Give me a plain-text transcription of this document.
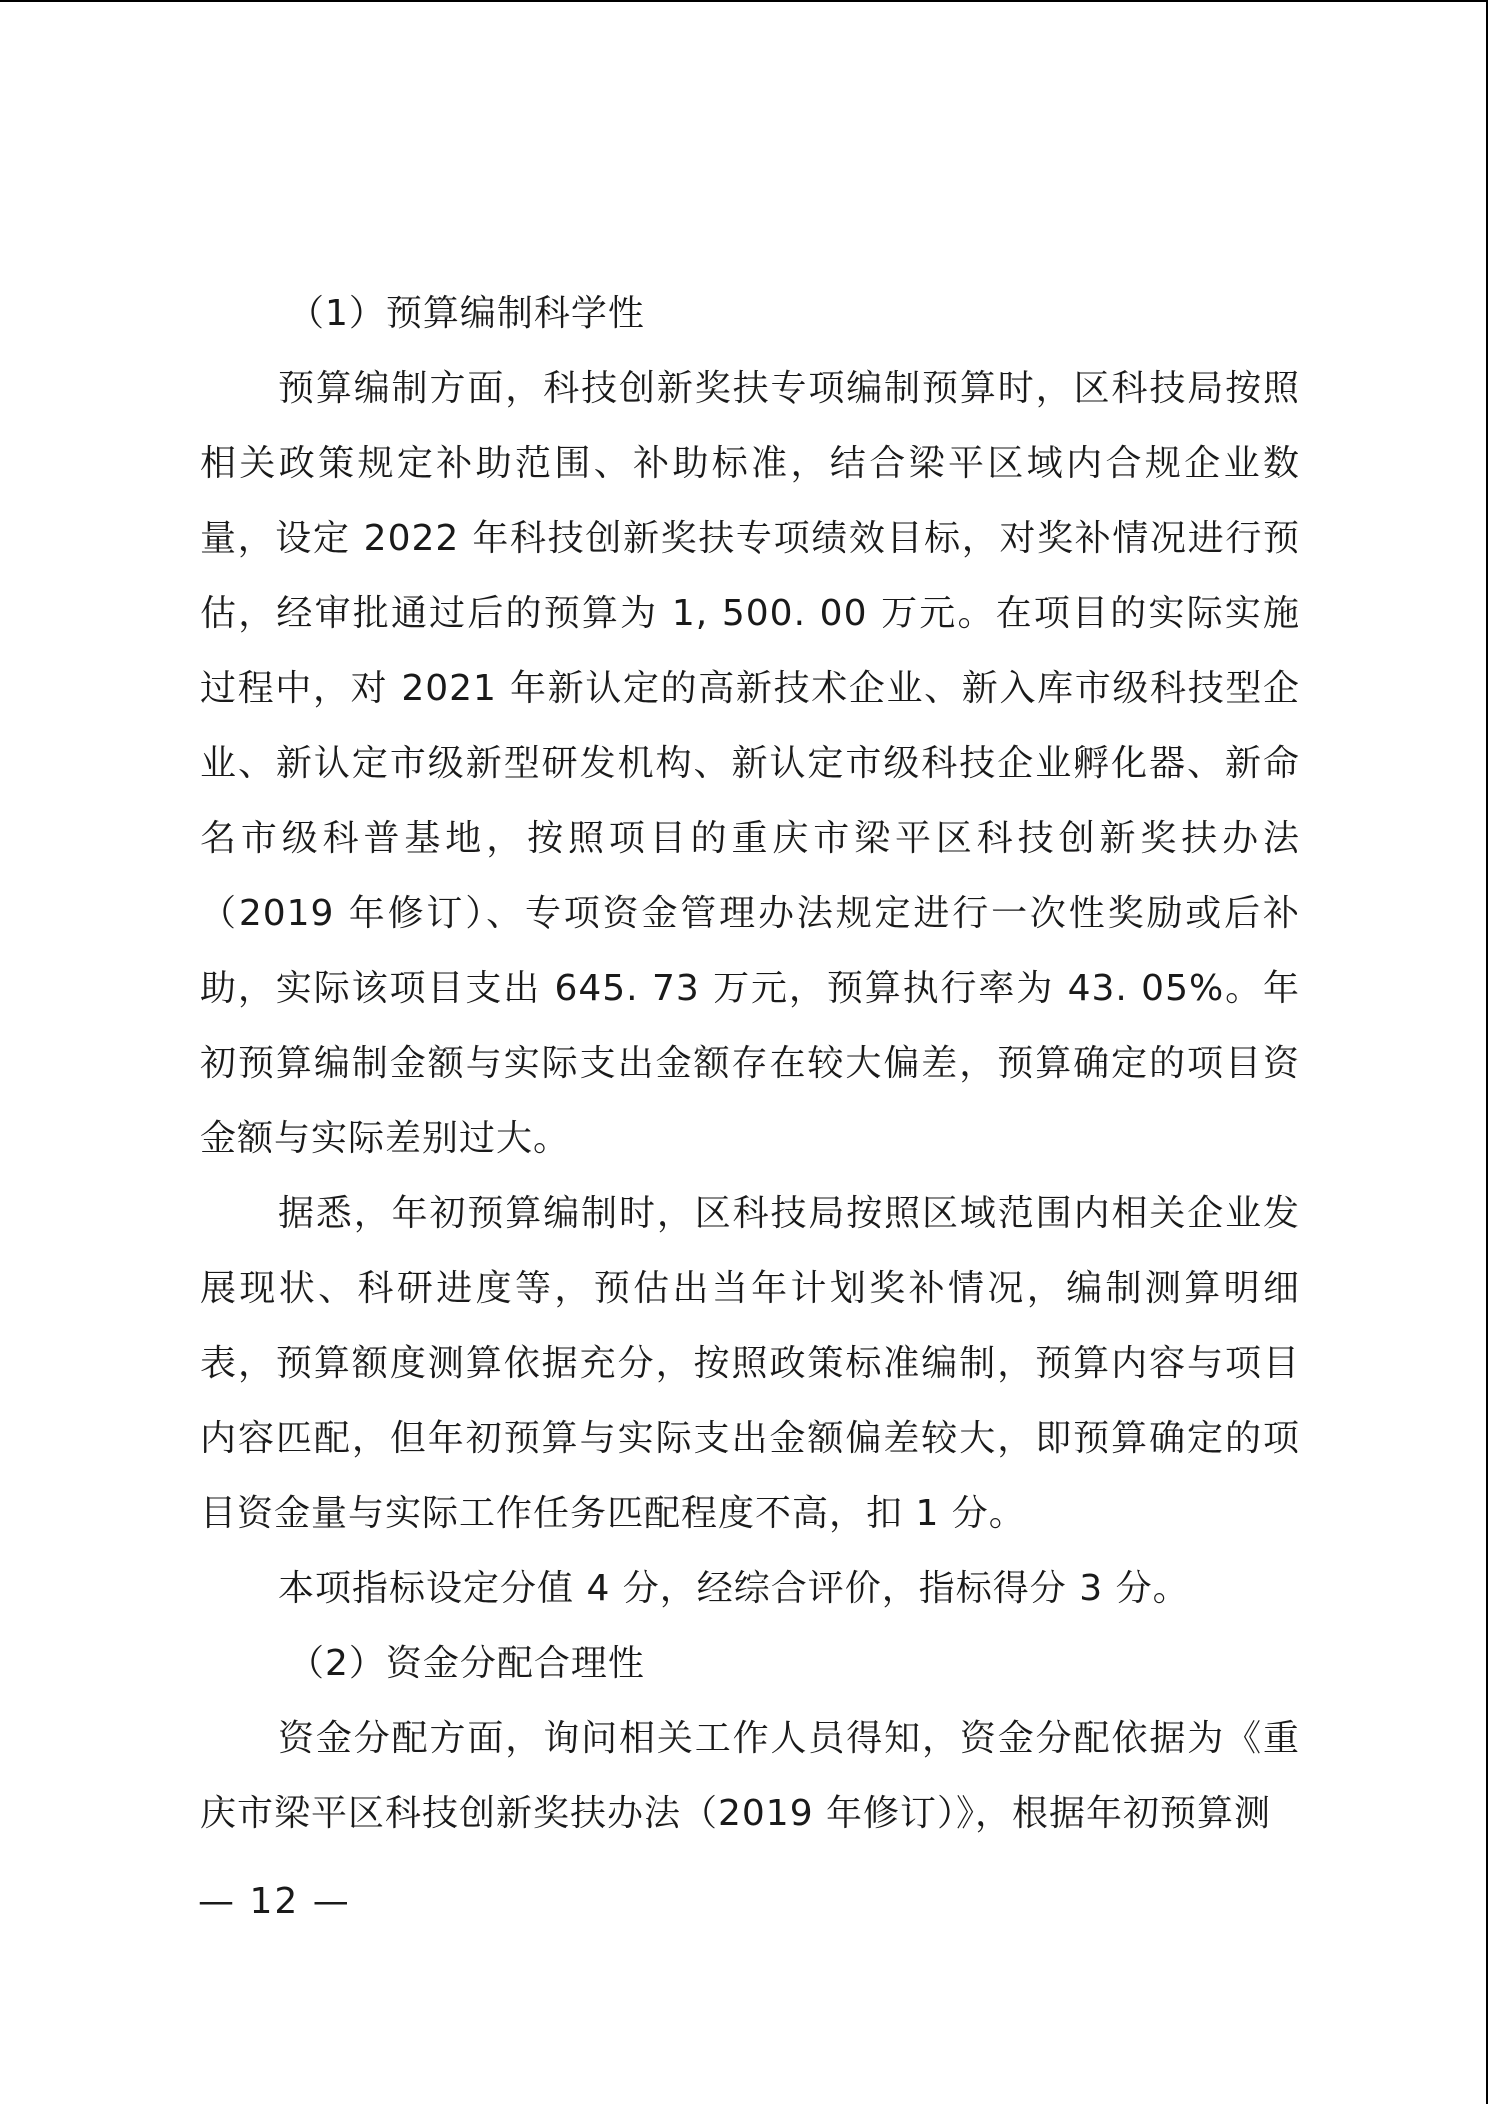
（1）预算编制科学性

预算编制方面，科技创新奖扶专项编制预算时，区科技局按照相关政策规定补助范围、补助标准，结合梁平区域内合规企业数量，设定 2022 年科技创新奖扶专项绩效目标，对奖补情况进行预估，经审批通过后的预算为 1, 500. 00 万元。在项目的实际实施过程中，对 2021 年新认定的高新技术企业、新入库市级科技型企业、新认定市级新型研发机构、新认定市级科技企业孵化器、新命名市级科普基地，按照项目的重庆市梁平区科技创新奖扶办法（2019 年修订）、专项资金管理办法规定进行一次性奖励或后补助，实际该项目支出 645. 73 万元，预算执行率为 43. 05%。年初预算编制金额与实际支出金额存在较大偏差，预算确定的项目资金额与实际差别过大。

据悉，年初预算编制时，区科技局按照区域范围内相关企业发展现状、科研进度等，预估出当年计划奖补情况，编制测算明细表，预算额度测算依据充分，按照政策标准编制，预算内容与项目内容匹配，但年初预算与实际支出金额偏差较大，即预算确定的项目资金量与实际工作任务匹配程度不高，扣 1 分。

本项指标设定分值 4 分，经综合评价，指标得分 3 分。

（2）资金分配合理性

资金分配方面，询问相关工作人员得知，资金分配依据为《重庆市梁平区科技创新奖扶办法（2019 年修订）》，根据年初预算测

— 12 —
